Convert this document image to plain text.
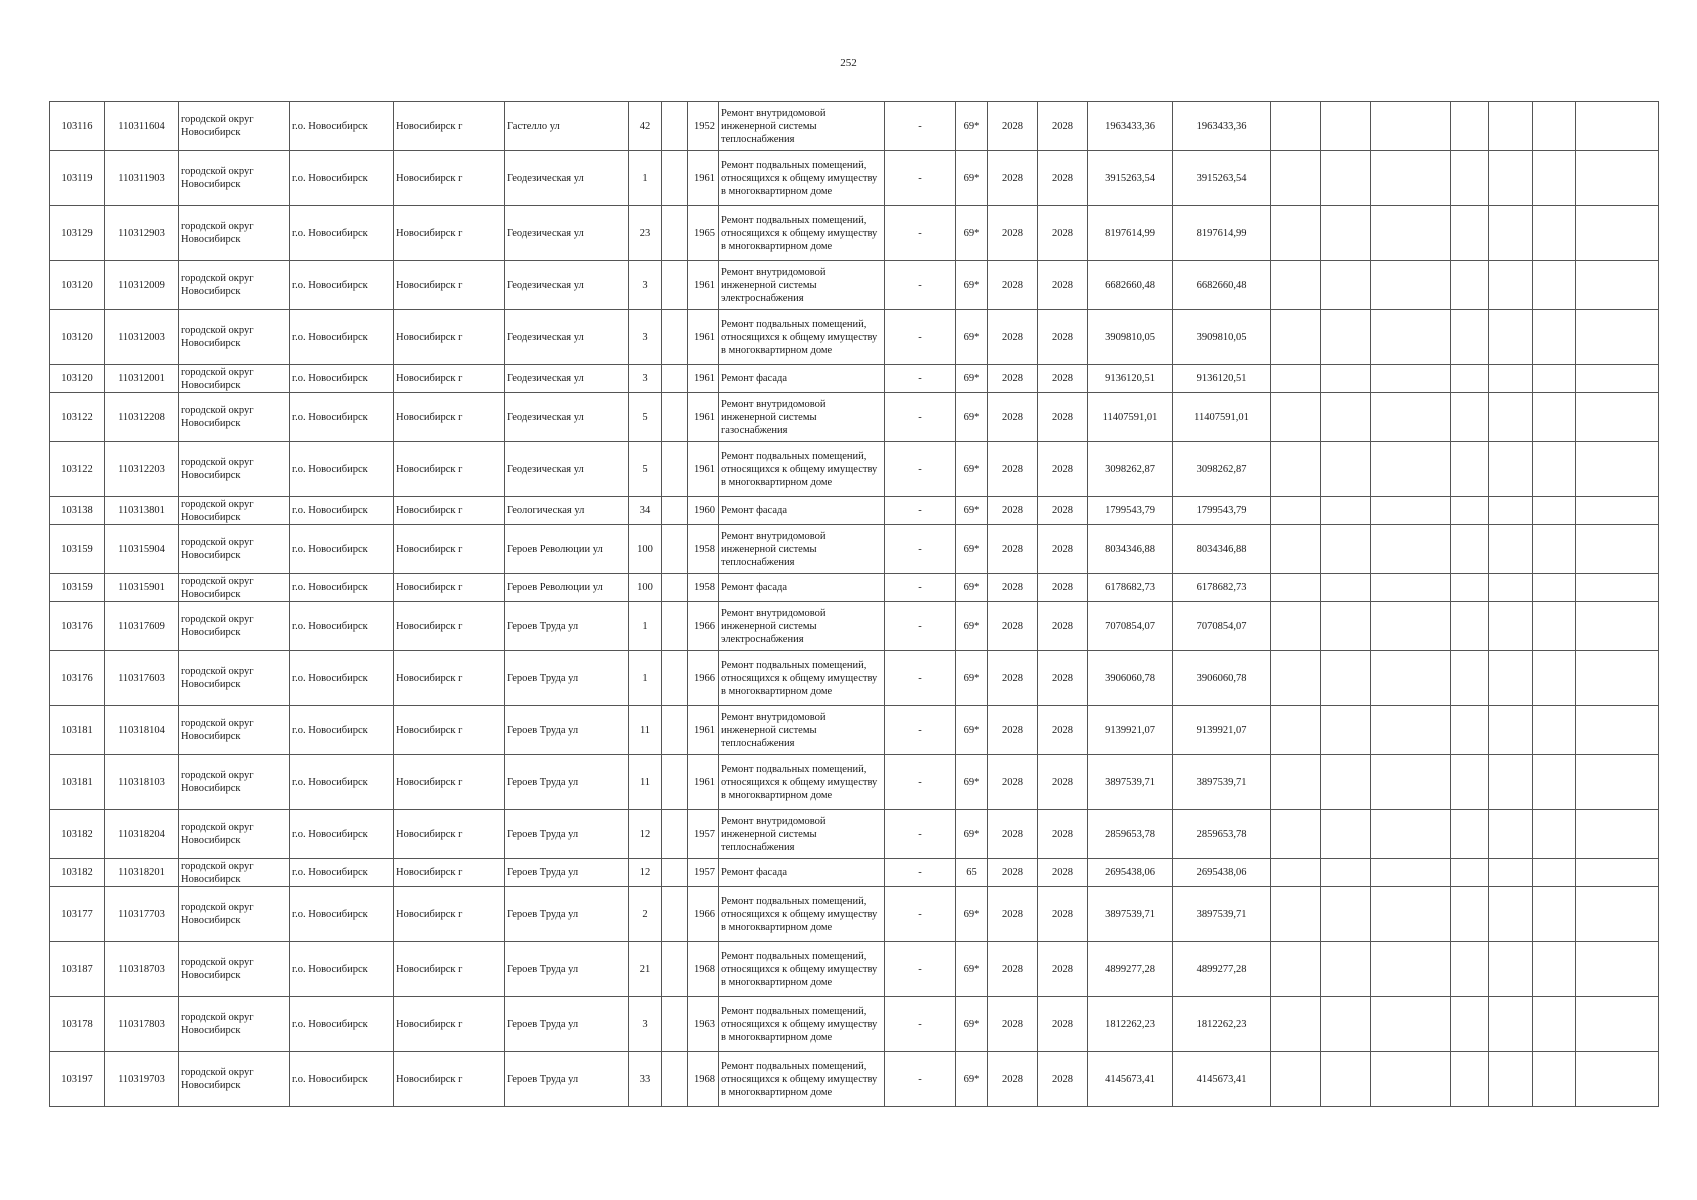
252
103116	110311604	городской округ Новосибирск	г.о. Новосибирск	Новосибирск г	Гастелло ул	42		1952	Ремонт внутридомовой инженерной системы теплоснабжения	-	69*	2028	2028	1963433,36	1963433,36							
103119	110311903	городской округ Новосибирск	г.о. Новосибирск	Новосибирск г	Геодезическая ул	1		1961	Ремонт подвальных помещений, относящихся к общему имуществу в многоквартирном доме	-	69*	2028	2028	3915263,54	3915263,54							
103129	110312903	городской округ Новосибирск	г.о. Новосибирск	Новосибирск г	Геодезическая ул	23		1965	Ремонт подвальных помещений, относящихся к общему имуществу в многоквартирном доме	-	69*	2028	2028	8197614,99	8197614,99							
103120	110312009	городской округ Новосибирск	г.о. Новосибирск	Новосибирск г	Геодезическая ул	3		1961	Ремонт внутридомовой инженерной системы электроснабжения	-	69*	2028	2028	6682660,48	6682660,48							
103120	110312003	городской округ Новосибирск	г.о. Новосибирск	Новосибирск г	Геодезическая ул	3		1961	Ремонт подвальных помещений, относящихся к общему имуществу в многоквартирном доме	-	69*	2028	2028	3909810,05	3909810,05							
103120	110312001	городской округ Новосибирск	г.о. Новосибирск	Новосибирск г	Геодезическая ул	3		1961	Ремонт фасада	-	69*	2028	2028	9136120,51	9136120,51							
103122	110312208	городской округ Новосибирск	г.о. Новосибирск	Новосибирск г	Геодезическая ул	5		1961	Ремонт внутридомовой инженерной системы газоснабжения	-	69*	2028	2028	11407591,01	11407591,01							
103122	110312203	городской округ Новосибирск	г.о. Новосибирск	Новосибирск г	Геодезическая ул	5		1961	Ремонт подвальных помещений, относящихся к общему имуществу в многоквартирном доме	-	69*	2028	2028	3098262,87	3098262,87							
103138	110313801	городской округ Новосибирск	г.о. Новосибирск	Новосибирск г	Геологическая ул	34		1960	Ремонт фасада	-	69*	2028	2028	1799543,79	1799543,79							
103159	110315904	городской округ Новосибирск	г.о. Новосибирск	Новосибирск г	Героев Революции ул	100		1958	Ремонт внутридомовой инженерной системы теплоснабжения	-	69*	2028	2028	8034346,88	8034346,88							
103159	110315901	городской округ Новосибирск	г.о. Новосибирск	Новосибирск г	Героев Революции ул	100		1958	Ремонт фасада	-	69*	2028	2028	6178682,73	6178682,73							
103176	110317609	городской округ Новосибирск	г.о. Новосибирск	Новосибирск г	Героев Труда ул	1		1966	Ремонт внутридомовой инженерной системы электроснабжения	-	69*	2028	2028	7070854,07	7070854,07							
103176	110317603	городской округ Новосибирск	г.о. Новосибирск	Новосибирск г	Героев Труда ул	1		1966	Ремонт подвальных помещений, относящихся к общему имуществу в многоквартирном доме	-	69*	2028	2028	3906060,78	3906060,78							
103181	110318104	городской округ Новосибирск	г.о. Новосибирск	Новосибирск г	Героев Труда ул	11		1961	Ремонт внутридомовой инженерной системы теплоснабжения	-	69*	2028	2028	9139921,07	9139921,07							
103181	110318103	городской округ Новосибирск	г.о. Новосибирск	Новосибирск г	Героев Труда ул	11		1961	Ремонт подвальных помещений, относящихся к общему имуществу в многоквартирном доме	-	69*	2028	2028	3897539,71	3897539,71							
103182	110318204	городской округ Новосибирск	г.о. Новосибирск	Новосибирск г	Героев Труда ул	12		1957	Ремонт внутридомовой инженерной системы теплоснабжения	-	69*	2028	2028	2859653,78	2859653,78							
103182	110318201	городской округ Новосибирск	г.о. Новосибирск	Новосибирск г	Героев Труда ул	12		1957	Ремонт фасада	-	65	2028	2028	2695438,06	2695438,06							
103177	110317703	городской округ Новосибирск	г.о. Новосибирск	Новосибирск г	Героев Труда ул	2		1966	Ремонт подвальных помещений, относящихся к общему имуществу в многоквартирном доме	-	69*	2028	2028	3897539,71	3897539,71							
103187	110318703	городской округ Новосибирск	г.о. Новосибирск	Новосибирск г	Героев Труда ул	21		1968	Ремонт подвальных помещений, относящихся к общему имуществу в многоквартирном доме	-	69*	2028	2028	4899277,28	4899277,28							
103178	110317803	городской округ Новосибирск	г.о. Новосибирск	Новосибирск г	Героев Труда ул	3		1963	Ремонт подвальных помещений, относящихся к общему имуществу в многоквартирном доме	-	69*	2028	2028	1812262,23	1812262,23							
103197	110319703	городской округ Новосибирск	г.о. Новосибирск	Новосибирск г	Героев Труда ул	33		1968	Ремонт подвальных помещений, относящихся к общему имуществу в многоквартирном доме	-	69*	2028	2028	4145673,41	4145673,41							
